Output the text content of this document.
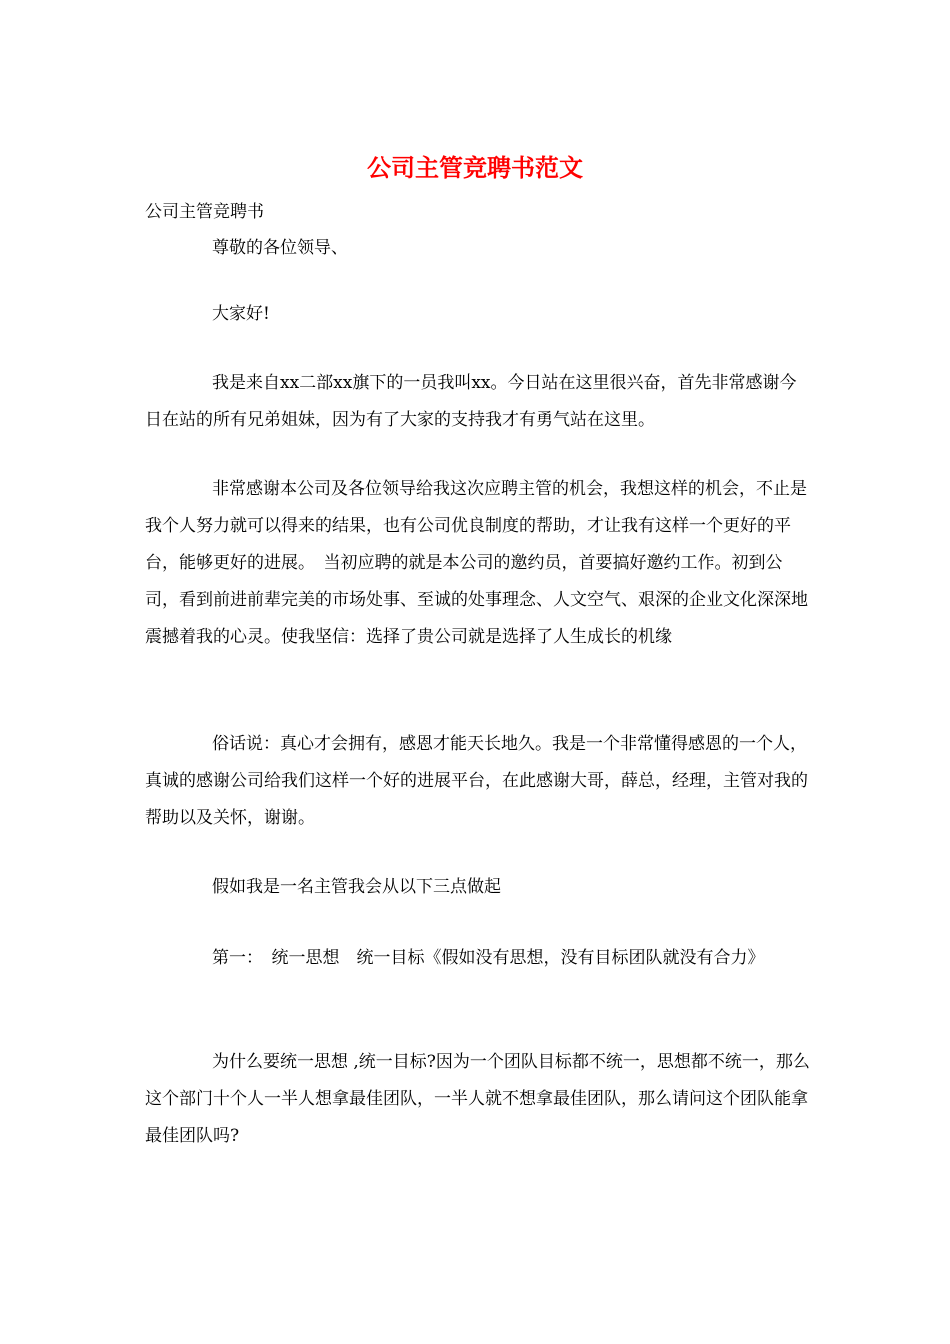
公司主管竞聘书范文

公司主管竞聘书

尊敬的各位领导、

大家好!

我是来自xx二部xx旗下的一员我叫xx。今日站在这里很兴奋，首先非常感谢今日在站的所有兄弟姐妹，因为有了大家的支持我才有勇气站在这里。

非常感谢本公司及各位领导给我这次应聘主管的机会，我想这样的机会，不止是我个人努力就可以得来的结果，也有公司优良制度的帮助，才让我有这样一个更好的平台，能够更好的进展。　当初应聘的就是本公司的邀约员，首要搞好邀约工作。初到公司，看到前进前辈完美的市场处事、至诚的处事理念、人文空气、艰深的企业文化深深地震撼着我的心灵。使我坚信：选择了贵公司就是选择了人生成长的机缘

俗话说：真心才会拥有，感恩才能天长地久。我是一个非常懂得感恩的一个人，真诚的感谢公司给我们这样一个好的进展平台，在此感谢大哥，薛总，经理，主管对我的帮助以及关怀，谢谢。

假如我是一名主管我会从以下三点做起

第一：　统一思想　统一目标《假如没有思想，没有目标团队就没有合力》

为什么要统一思想 ,统一目标?因为一个团队目标都不统一，思想都不统一，那么这个部门十个人一半人想拿最佳团队，一半人就不想拿最佳团队，那么请问这个团队能拿最佳团队吗?
